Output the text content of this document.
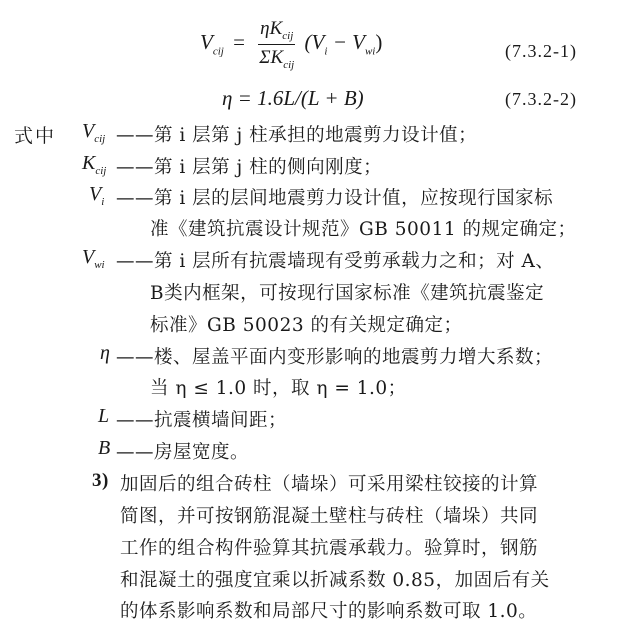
$V_{cij} = \frac{\eta K_{cij}}{\Sigma K_{cij}} (V_i - V_{wi})$	(7.3.2-1)
η = 1.6L/(L + B)	(7.3.2-2)
式中 $V_{cij}$ ——第 i 层第 j 柱承担的地震剪力设计值；
$K_{cij}$ ——第 i 层第 j 柱的侧向刚度；
$V_i$ ——第 i 层的层间地震剪力设计值，应按现行国家标
准《建筑抗震设计规范》GB 50011 的规定确定；
$V_{wi}$ ——第 i 层所有抗震墙现有受剪承载力之和；对 A、
B类内框架，可按现行国家标准《建筑抗震鉴定
标准》GB 50023 的有关规定确定；
η ——楼、屋盖平面内变形影响的地震剪力增大系数；
当 η ≤ 1.0 时，取 η = 1.0；
L ——抗震横墙间距；
B ——房屋宽度。
3) 加固后的组合砖柱（墙垛）可采用梁柱铰接的计算
简图，并可按钢筋混凝土壁柱与砖柱（墙垛）共同
工作的组合构件验算其抗震承载力。验算时，钢筋
和混凝土的强度宜乘以折减系数 0.85，加固后有关
的体系影响系数和局部尺寸的影响系数可取 1.0。
